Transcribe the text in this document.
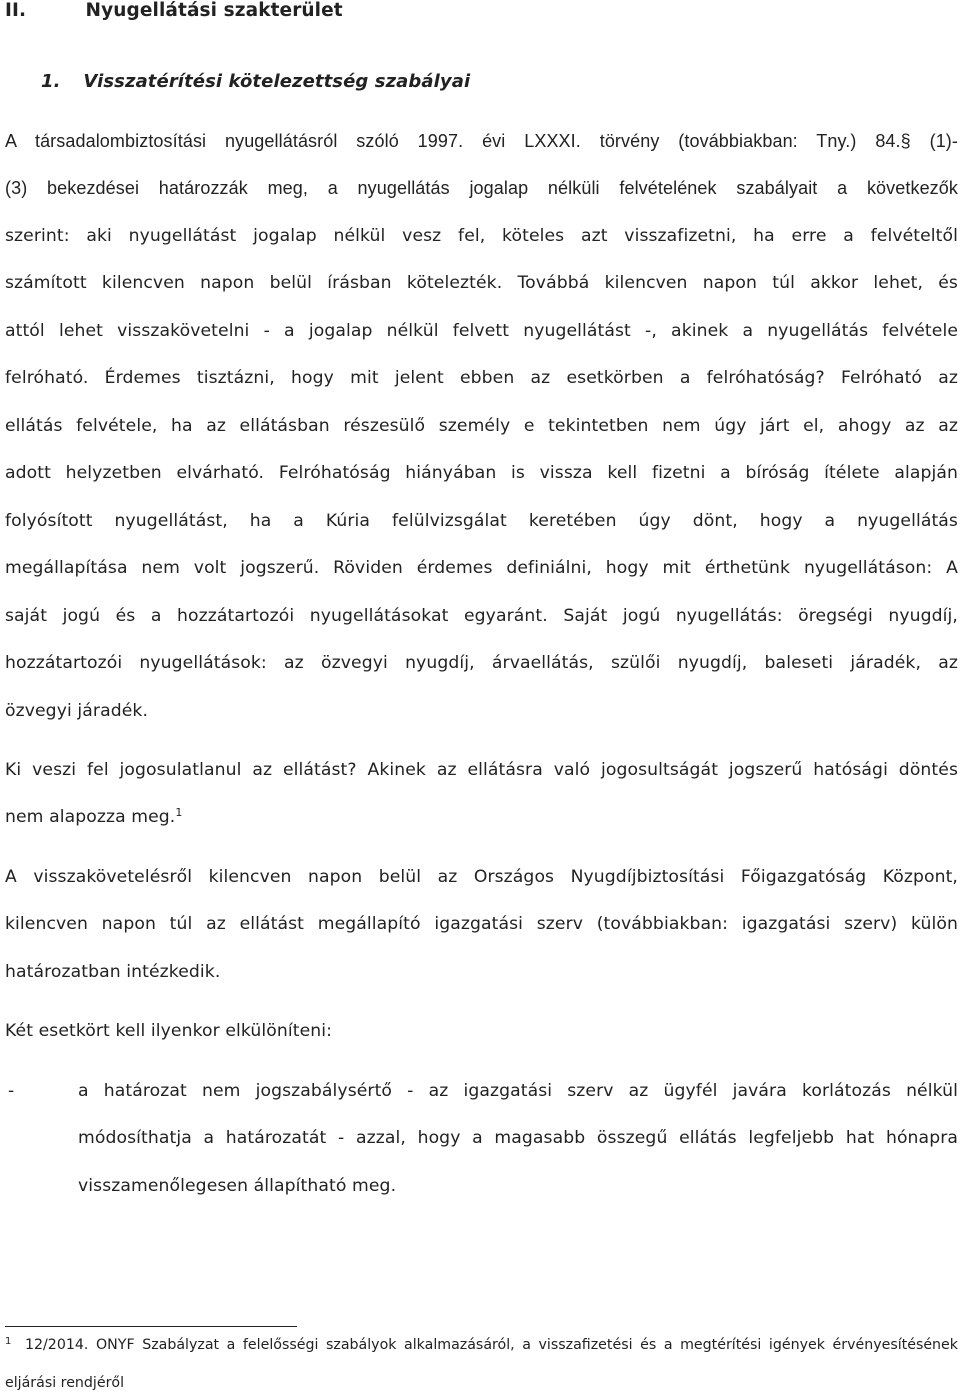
II.	Nyugellátási szakterület
1. Visszatérítési kötelezettség szabályai
A társadalombiztosítási nyugellátásról szóló 1997. évi LXXXI. törvény (továbbiakban: Tny.) 84.§ (1)-
(3) bekezdései határozzák meg, a nyugellátás jogalap nélküli felvételének szabályait a következők
szerint: aki nyugellátást jogalap nélkül vesz fel, köteles azt visszafizetni, ha erre a felvételtől
számított kilencven napon belül írásban kötelezték. Továbbá kilencven napon túl akkor lehet, és
attól lehet visszakövetelni - a jogalap nélkül felvett nyugellátást -, akinek a nyugellátás felvétele
felróható. Érdemes tisztázni, hogy mit jelent ebben az esetkörben a felróhatóság? Felróható az
ellátás felvétele, ha az ellátásban részesülő személy e tekintetben nem úgy járt el, ahogy az az
adott helyzetben elvárható. Felróhatóság hiányában is vissza kell fizetni a bíróság ítélete alapján
folyósított nyugellátást, ha a Kúria felülvizsgálat keretében úgy dönt, hogy a nyugellátás
megállapítása nem volt jogszerű. Röviden érdemes definiálni, hogy mit érthetünk nyugellátáson: A
saját jogú és a hozzátartozói nyugellátásokat egyaránt. Saját jogú nyugellátás: öregségi nyugdíj,
hozzátartozói nyugellátások: az özvegyi nyugdíj, árvaellátás, szülői nyugdíj, baleseti járadék, az
özvegyi járadék.
Ki veszi fel jogosulatlanul az ellátást? Akinek az ellátásra való jogosultságát jogszerű hatósági döntés
nem alapozza meg.$^1$
A visszakövetelésről kilencven napon belül az Országos Nyugdíjbiztosítási Főigazgatóság Központ,
kilencven napon túl az ellátást megállapító igazgatási szerv (továbbiakban: igazgatási szerv) külön
határozatban intézkedik.
Két esetkört kell ilyenkor elkülöníteni:
-	a határozat nem jogszabálysértő - az igazgatási szerv az ügyfél javára korlátozás nélkül
módosíthatja a határozatát - azzal, hogy a magasabb összegű ellátás legfeljebb hat hónapra
visszamenőlegesen állapítható meg.
$^1$ 12/2014. ONYF Szabályzat a felelősségi szabályok alkalmazásáról, a visszafizetési és a megtérítési igények érvényesítésének
eljárási rendjéről
